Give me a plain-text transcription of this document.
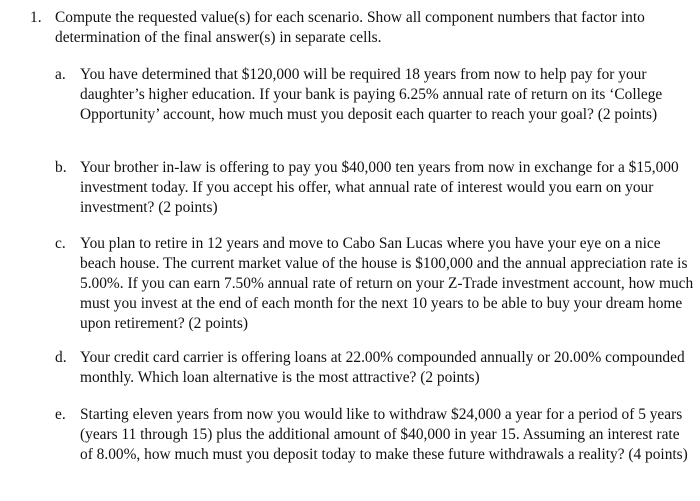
1. Compute the requested value(s) for each scenario. Show all component numbers that factor into determination of the final answer(s) in separate cells.
a. You have determined that $120,000 will be required 18 years from now to help pay for your daughter’s higher education. If your bank is paying 6.25% annual rate of return on its ‘College Opportunity’ account, how much must you deposit each quarter to reach your goal? (2 points)
b. Your brother in-law is offering to pay you $40,000 ten years from now in exchange for a $15,000 investment today. If you accept his offer, what annual rate of interest would you earn on your investment? (2 points)
c. You plan to retire in 12 years and move to Cabo San Lucas where you have your eye on a nice beach house. The current market value of the house is $100,000 and the annual appreciation rate is 5.00%. If you can earn 7.50% annual rate of return on your Z-Trade investment account, how much must you invest at the end of each month for the next 10 years to be able to buy your dream home upon retirement? (2 points)
d. Your credit card carrier is offering loans at 22.00% compounded annually or 20.00% compounded monthly. Which loan alternative is the most attractive? (2 points)
e. Starting eleven years from now you would like to withdraw $24,000 a year for a period of 5 years (years 11 through 15) plus the additional amount of $40,000 in year 15. Assuming an interest rate of 8.00%, how much must you deposit today to make these future withdrawals a reality? (4 points)
